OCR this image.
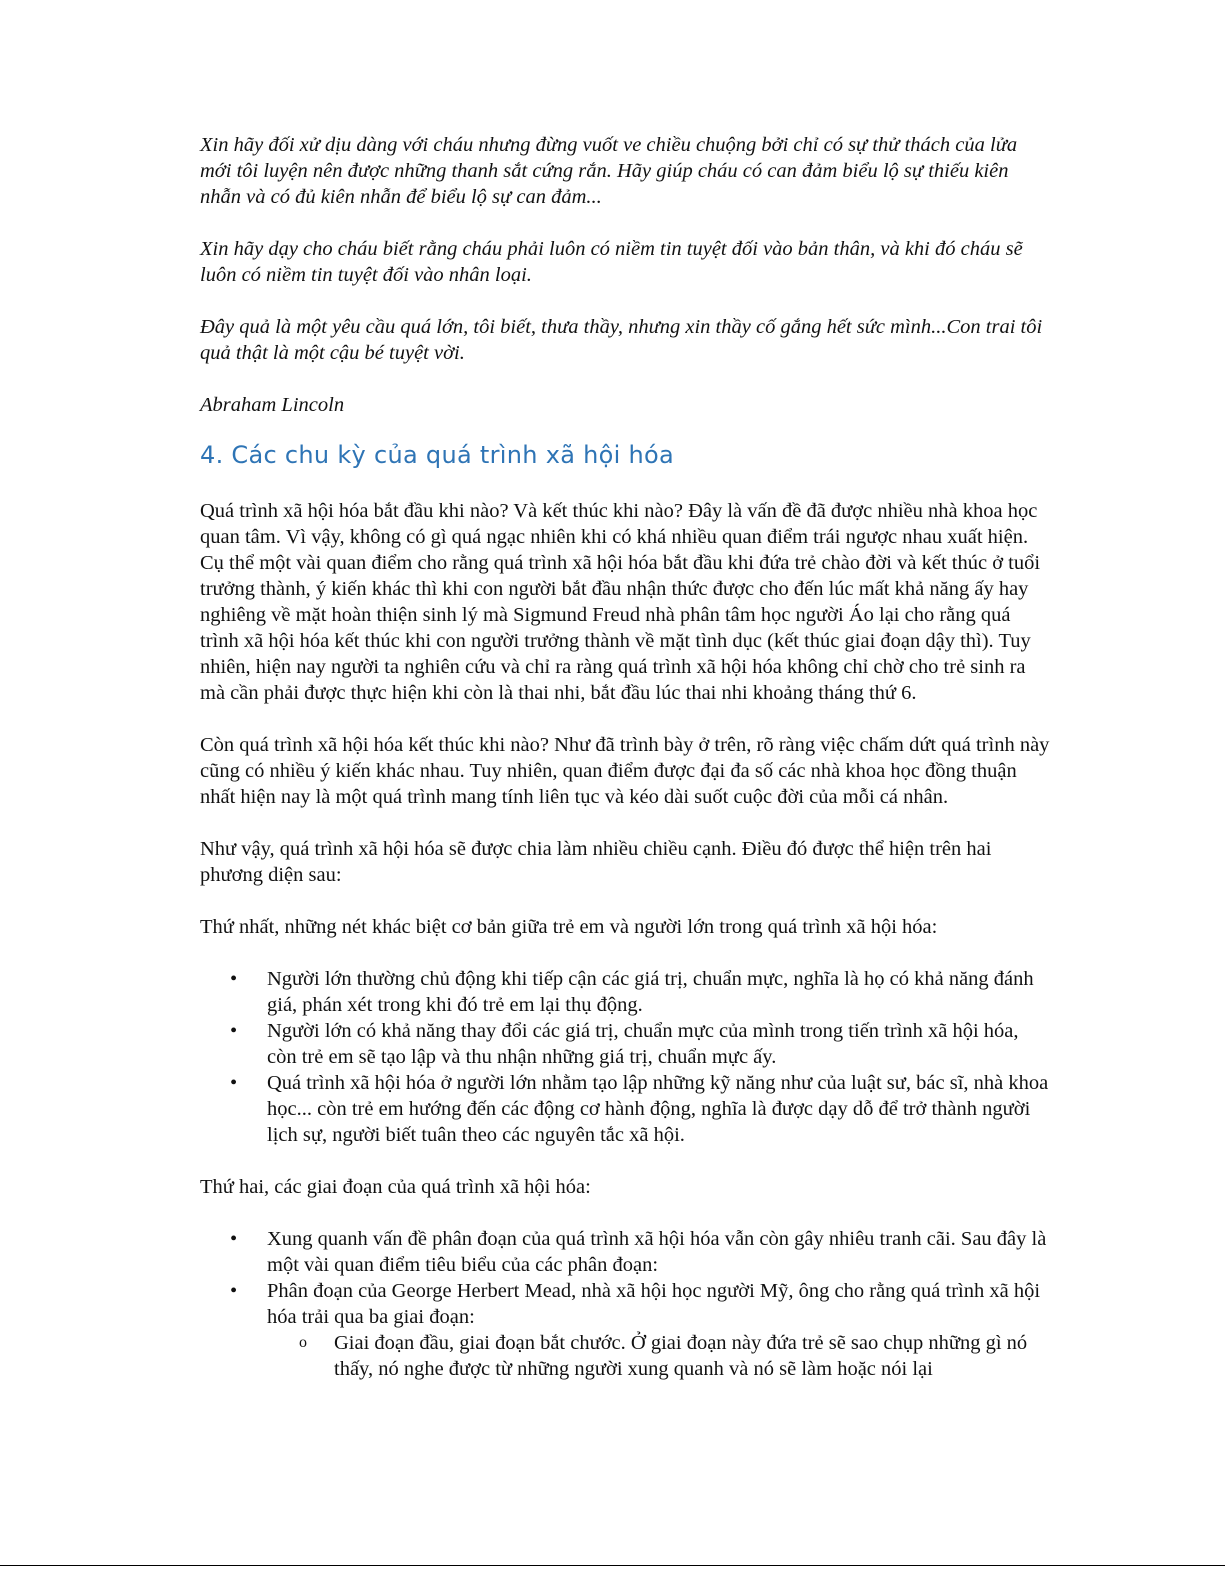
Xin hãy đối xử dịu dàng với cháu nhưng đừng vuốt ve chiều chuộng bởi chỉ có sự thử thách của lửa mới tôi luyện nên được những thanh sắt cứng rắn. Hãy giúp cháu có can đảm biểu lộ sự thiếu kiên nhẫn và có đủ kiên nhẫn để biểu lộ sự can đảm...

Xin hãy dạy cho cháu biết rằng cháu phải luôn có niềm tin tuyệt đối vào bản thân, và khi đó cháu sẽ luôn có niềm tin tuyệt đối vào nhân loại.

Đây quả là một yêu cầu quá lớn, tôi biết, thưa thầy, nhưng xin thầy cố gắng hết sức mình...Con trai tôi quả thật là một cậu bé tuyệt vời.

Abraham Lincoln

4. Các chu kỳ của quá trình xã hội hóa

Quá trình xã hội hóa bắt đầu khi nào? Và kết thúc khi nào? Đây là vấn đề đã được nhiều nhà khoa học quan tâm. Vì vậy, không có gì quá ngạc nhiên khi có khá nhiều quan điểm trái ngược nhau xuất hiện. Cụ thể một vài quan điểm cho rằng quá trình xã hội hóa bắt đầu khi đứa trẻ chào đời và kết thúc ở tuổi trưởng thành, ý kiến khác thì khi con người bắt đầu nhận thức được cho đến lúc mất khả năng ấy hay nghiêng về mặt hoàn thiện sinh lý mà Sigmund Freud nhà phân tâm học người Áo lại cho rằng quá trình xã hội hóa kết thúc khi con người trưởng thành về mặt tình dục (kết thúc giai đoạn dậy thì). Tuy nhiên, hiện nay người ta nghiên cứu và chỉ ra ràng quá trình xã hội hóa không chỉ chờ cho trẻ sinh ra mà cần phải được thực hiện khi còn là thai nhi, bắt đầu lúc thai nhi khoảng tháng thứ 6.

Còn quá trình xã hội hóa kết thúc khi nào? Như đã trình bày ở trên, rõ ràng việc chấm dứt quá trình này cũng có nhiều ý kiến khác nhau. Tuy nhiên, quan điểm được đại đa số các nhà khoa học đồng thuận nhất hiện nay là một quá trình mang tính liên tục và kéo dài suốt cuộc đời của mỗi cá nhân.

Như vậy, quá trình xã hội hóa sẽ được chia làm nhiều chiều cạnh. Điều đó được thể hiện trên hai phương diện sau:

Thứ nhất, những nét khác biệt cơ bản giữa trẻ em và người lớn trong quá trình xã hội hóa:

• Người lớn thường chủ động khi tiếp cận các giá trị, chuẩn mực, nghĩa là họ có khả năng đánh giá, phán xét trong khi đó trẻ em lại thụ động.
• Người lớn có khả năng thay đổi các giá trị, chuẩn mực của mình trong tiến trình xã hội hóa, còn trẻ em sẽ tạo lập và thu nhận những giá trị, chuẩn mực ấy.
• Quá trình xã hội hóa ở người lớn nhằm tạo lập những kỹ năng như của luật sư, bác sĩ, nhà khoa học... còn trẻ em hướng đến các động cơ hành động, nghĩa là được dạy dỗ để trở thành người lịch sự, người biết tuân theo các nguyên tắc xã hội.

Thứ hai, các giai đoạn của quá trình xã hội hóa:

• Xung quanh vấn đề phân đoạn của quá trình xã hội hóa vẫn còn gây nhiêu tranh cãi. Sau đây là một vài quan điểm tiêu biểu của các phân đoạn:
• Phân đoạn của George Herbert Mead, nhà xã hội học người Mỹ, ông cho rằng quá trình xã hội hóa trải qua ba giai đoạn:
o Giai đoạn đầu, giai đoạn bắt chước. Ở giai đoạn này đứa trẻ sẽ sao chụp những gì nó thấy, nó nghe được từ những người xung quanh và nó sẽ làm hoặc nói lại
